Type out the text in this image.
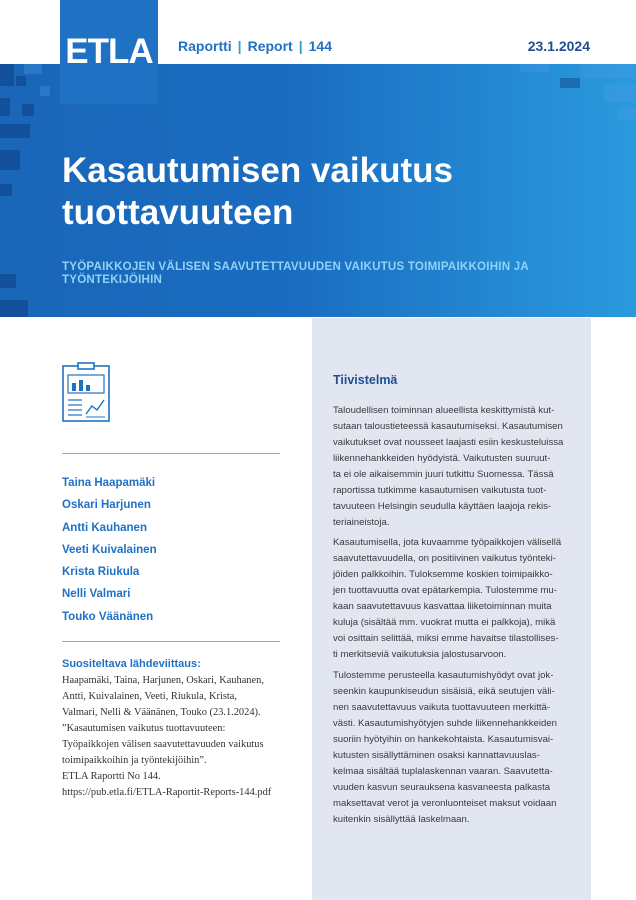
ETLA Raportti | Report | 144	23.1.2024
Kasautumisen vaikutus
tuottavuuteen
TYÖPAIKKOJEN VÄLISEN SAAVUTETTAVUUDEN VAIKUTUS TOIMIPAIKKOIHIN JA TYÖNTEKIJÖIHIN
Taina Haapamäki
Oskari Harjunen
Antti Kauhanen
Veeti Kuivalainen
Krista Riukula
Nelli Valmari
Touko Väänänen
Suositeltava lähdeviittaus:
Haapamäki, Taina, Harjunen, Oskari, Kauhanen,
Antti, Kuivalainen, Veeti, Riukula, Krista,
Valmari, Nelli & Väänänen, Touko (23.1.2024).
”Kasautumisen vaikutus tuottavuuteen:
Työpaikkojen välisen saavutettavuuden vaikutus
toimipaikkoihin ja työntekijöihin”.
ETLA Raportti No 144.
https://pub.etla.fi/ETLA-Raportit-Reports-144.pdf
Tiivistelmä
Taloudellisen toiminnan alueellista keskittymistä kut-
sutaan taloustieteessä kasautumiseksi. Kasautumisen
vaikutukset ovat nousseet laajasti esiin keskusteluissa
liikennehankkeiden hyödyistä. Vaikutusten suuruut-
ta ei ole aikaisemmin juuri tutkittu Suomessa. Tässä
raportissa tutkimme kasautumisen vaikutusta tuot-
tavuuteen Helsingin seudulla käyttäen laajoja rekis-
teriaineistoja.
Kasautumisella, jota kuvaamme työpaikkojen välisellä
saavutettavuudella, on positiivinen vaikutus työnteki-
jöiden palkkoihin. Tuloksemme koskien toimipaikko-
jen tuottavuutta ovat epätarkempia. Tulostemme mu-
kaan saavutettavuus kasvattaa liiketoiminnan muita
kuluja (sisältää mm. vuokrat mutta ei palkkoja), mikä
voi osittain selittää, miksi emme havaitse tilastollises-
ti merkitseviä vaikutuksia jalostusarvoon.
Tulostemme perusteella kasautumishyödyt ovat jok-
seenkin kaupunkiseudun sisäisiä, eikä seutujen väli-
nen saavutettavuus vaikuta tuottavuuteen merkittä-
västi. Kasautumishyötyjen suhde liikennehankkeiden
suoriin hyötyihin on hankekohtaista. Kasautumisvai-
kutusten sisällyttäminen osaksi kannattavuuslas-
kelmaa sisältää tuplalaskennan vaaran. Saavutetta-
vuuden kasvun seurauksena kasvaneesta palkasta
maksettavat verot ja veronluonteiset maksut voidaan
kuitenkin sisällyttää laskelmaan.
